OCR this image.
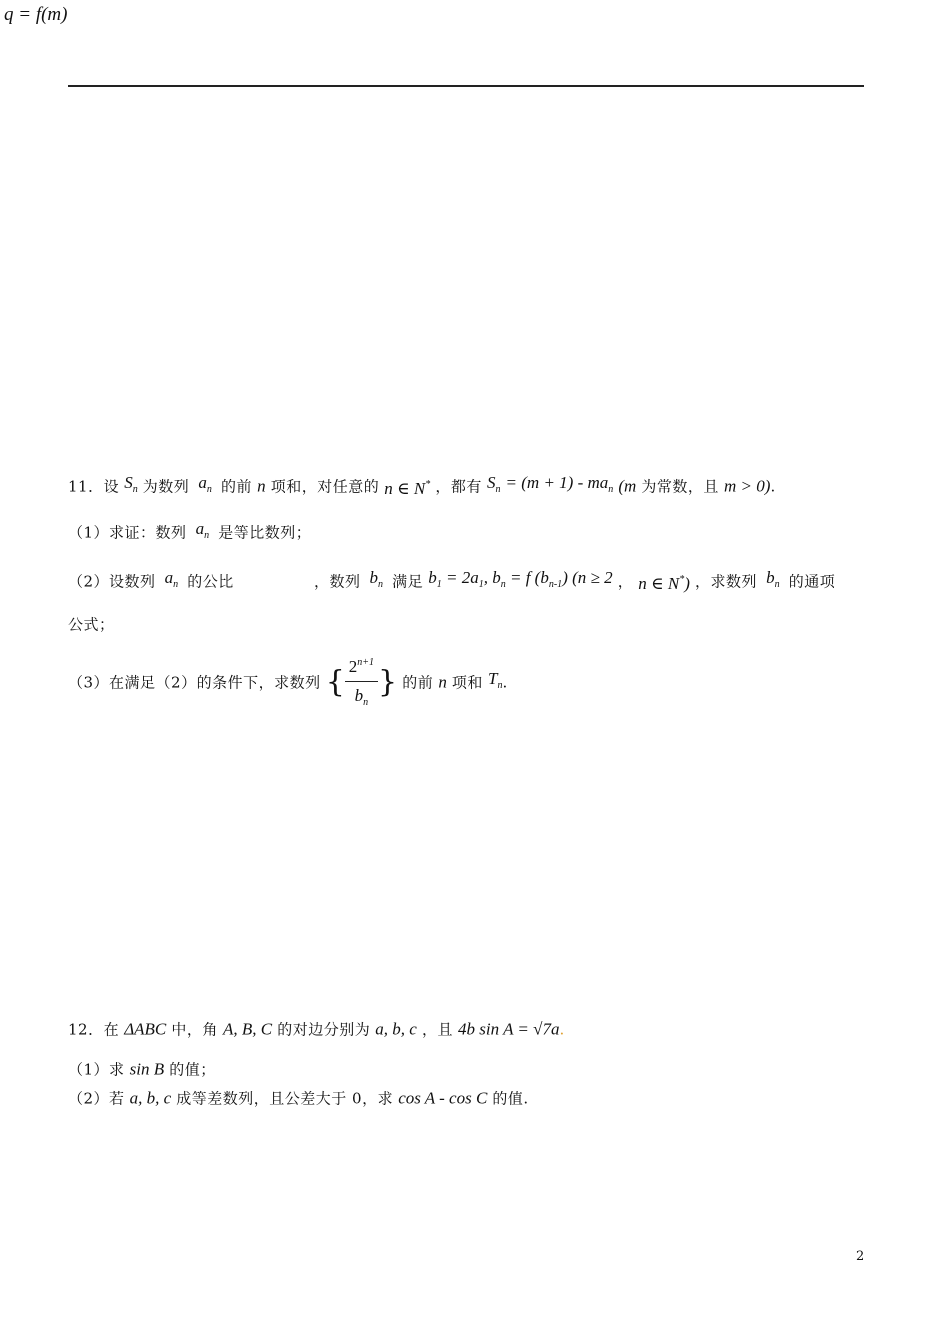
q = f(m)
11．设 $S_n$ 为数列 $a_n$ 的前 n 项和，对任意的 n ∈ N* ，都有 $S_n = (m + 1) - ma_n$ (m 为常数，且 m > 0).
（1）求证：数列 $a_n$ 是等比数列；
（2）设数列 $a_n$ 的公比	，数列 $b_n$ 满足 $b_1 = 2a_1$, $b_n = f$ $(b_{n-1}) (n \ge 2$ ， n ∈ N*) ，求数列 $b_n$ 的通项
公式；
（3）在满足（2）的条件下，求数列 { $\frac{2^{n+1}}{b_n}$ } 的前 n 项和 $T_n$.
12．在 ΔABC 中，角 A, B, C 的对边分别为 a, b, c ，且 4b sin A = √7a.
（1）求 sin B 的值；
（2）若 a, b, c 成等差数列，且公差大于 0，求 cos A - cos C 的值.
2
